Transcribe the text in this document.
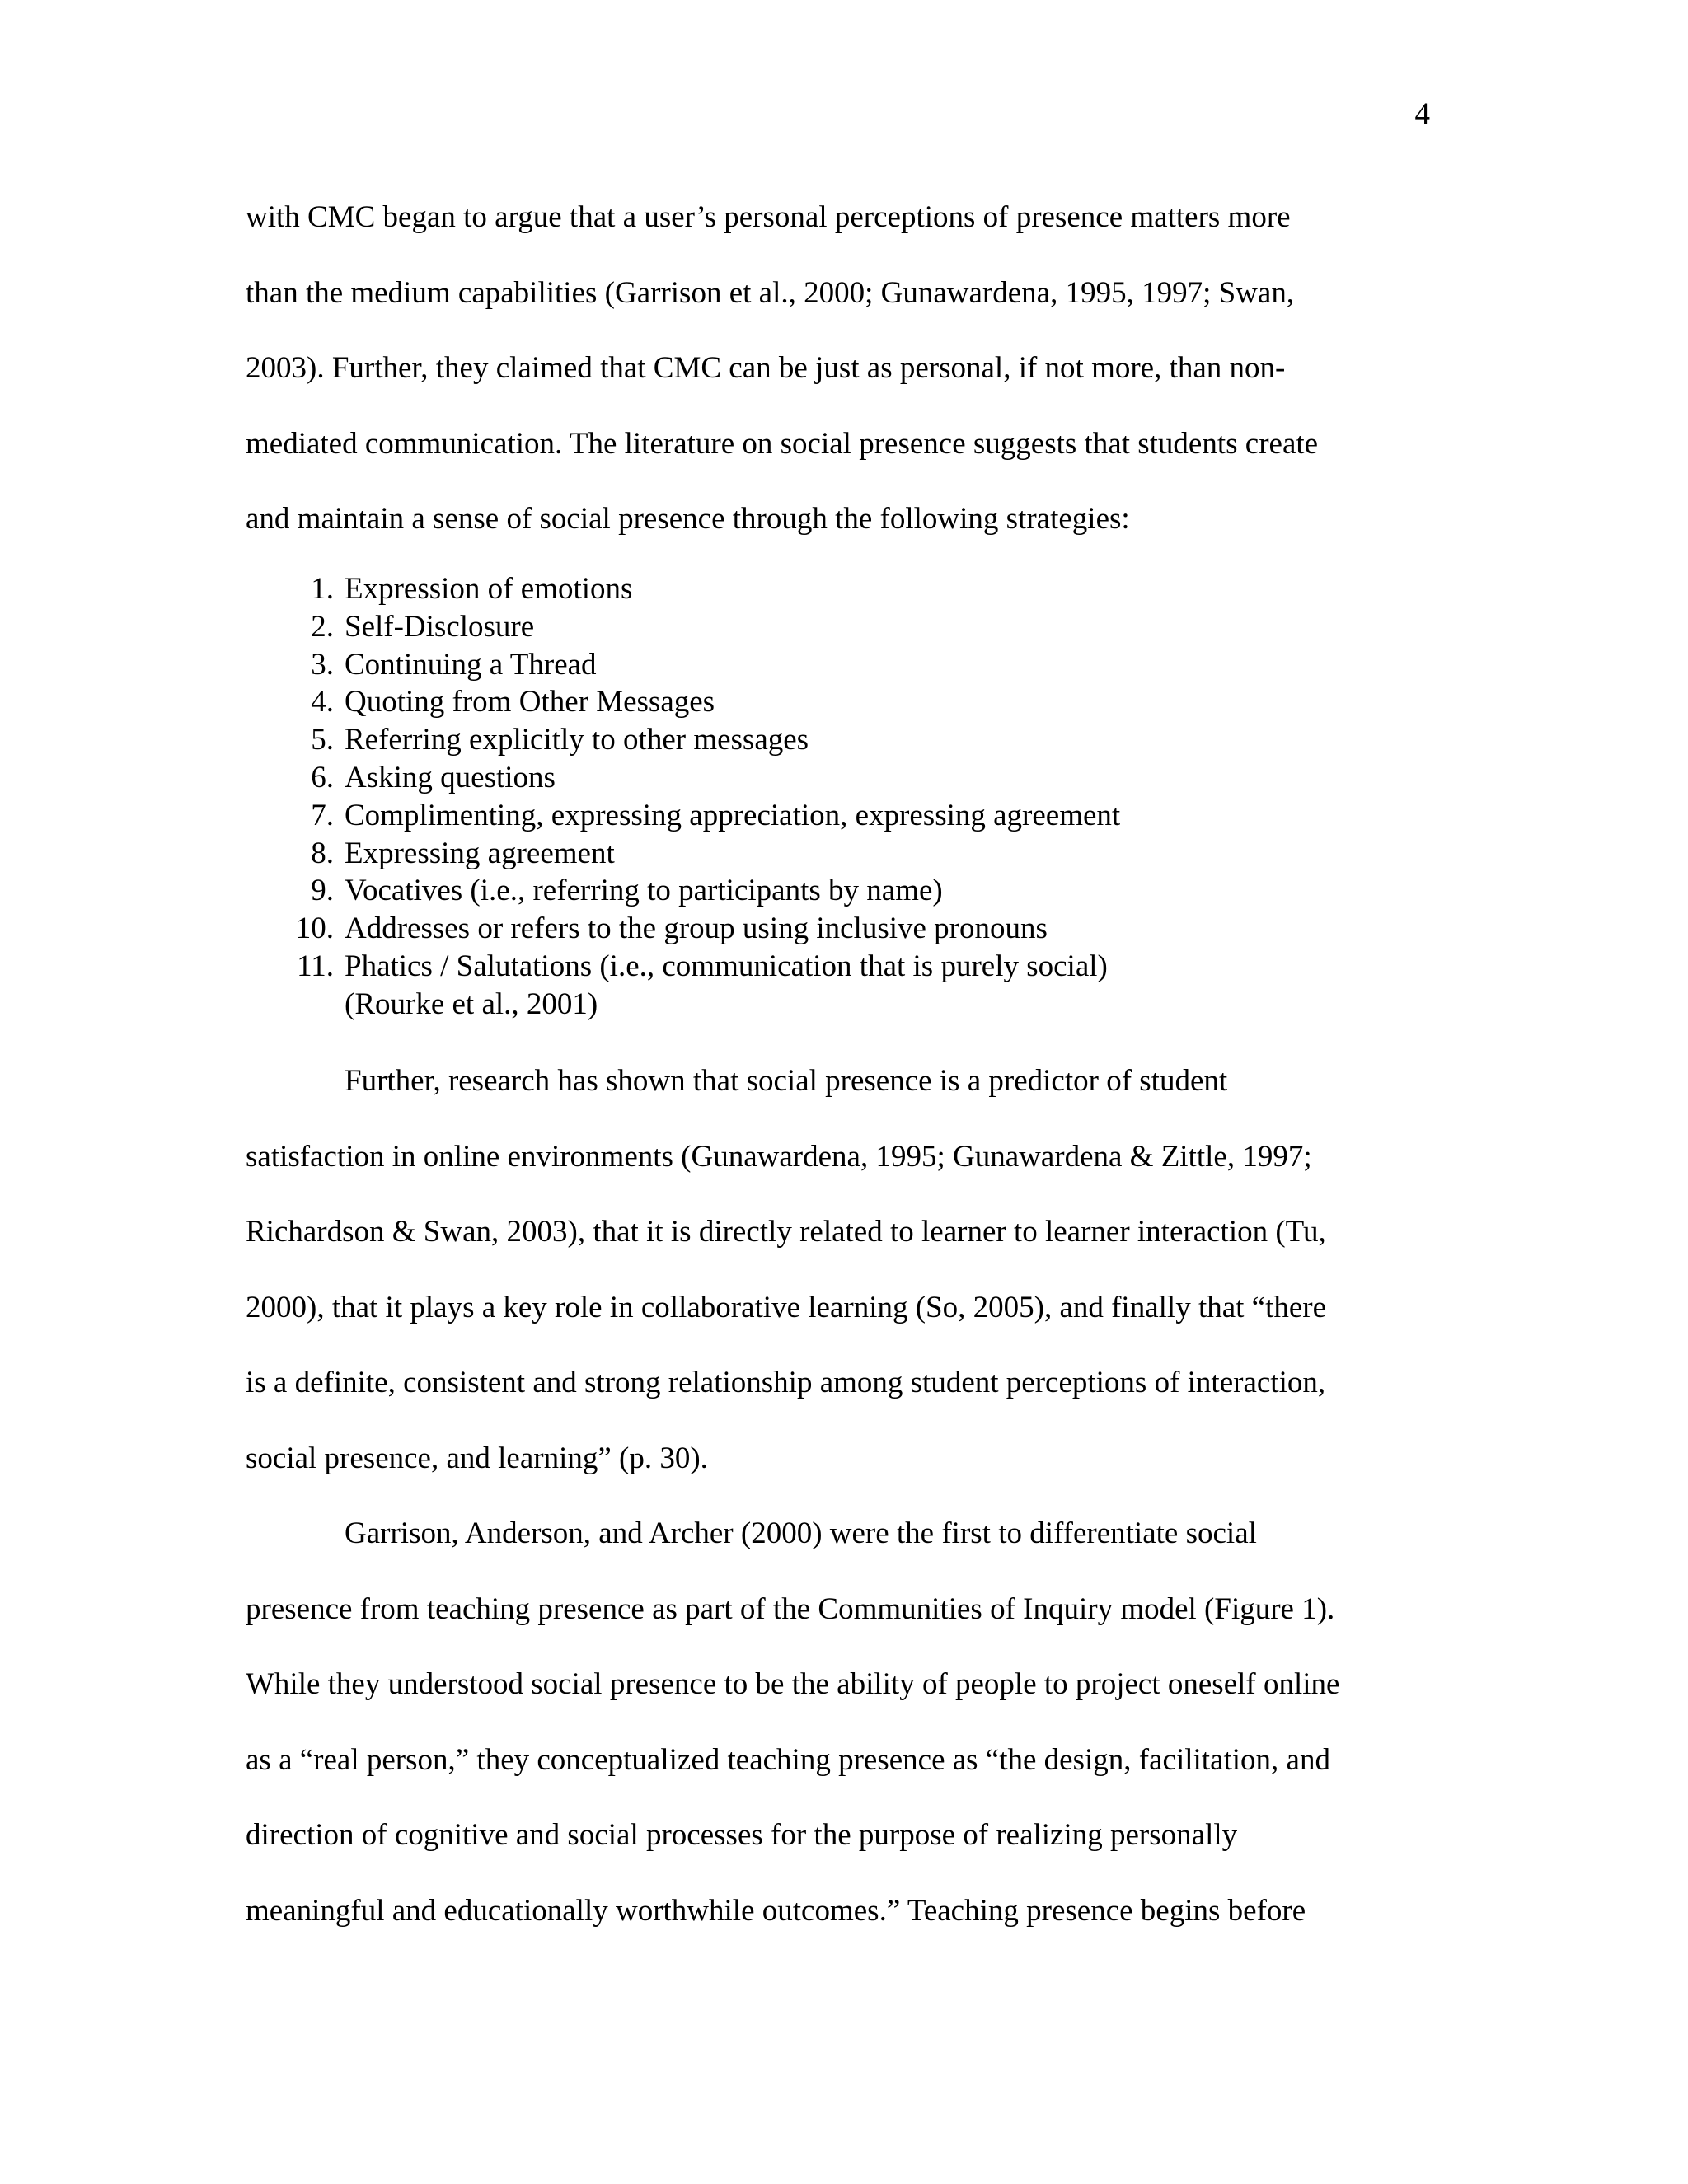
4
with CMC began to argue that a user’s personal perceptions of presence matters more
than the medium capabilities (Garrison et al., 2000; Gunawardena, 1995, 1997; Swan,
2003). Further, they claimed that CMC can be just as personal, if not more, than non-
mediated communication. The literature on social presence suggests that students create
and maintain a sense of social presence through the following strategies:
1. Expression of emotions
2. Self-Disclosure
3. Continuing a Thread
4. Quoting from Other Messages
5. Referring explicitly to other messages
6. Asking questions
7. Complimenting, expressing appreciation, expressing agreement
8. Expressing agreement
9. Vocatives (i.e., referring to participants by name)
10. Addresses or refers to the group using inclusive pronouns
11. Phatics / Salutations (i.e., communication that is purely social)
(Rourke et al., 2001)
Further, research has shown that social presence is a predictor of student
satisfaction in online environments (Gunawardena, 1995; Gunawardena & Zittle, 1997;
Richardson & Swan, 2003), that it is directly related to learner to learner interaction (Tu,
2000), that it plays a key role in collaborative learning (So, 2005), and finally that “there
is a definite, consistent and strong relationship among student perceptions of interaction,
social presence, and learning” (p. 30).
Garrison, Anderson, and Archer (2000) were the first to differentiate social
presence from teaching presence as part of the Communities of Inquiry model (Figure 1).
While they understood social presence to be the ability of people to project oneself online
as a “real person,” they conceptualized teaching presence as “the design, facilitation, and
direction of cognitive and social processes for the purpose of realizing personally
meaningful and educationally worthwhile outcomes.” Teaching presence begins before
